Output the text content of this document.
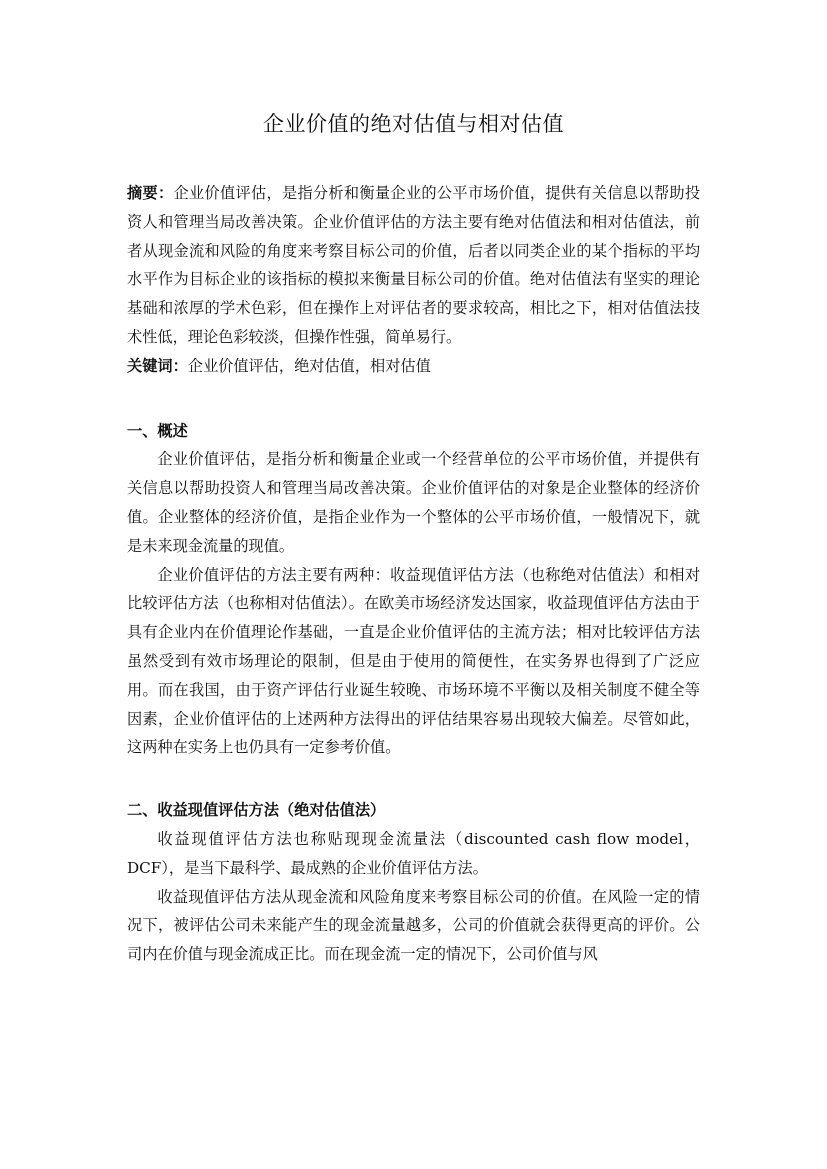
企业价值的绝对估值与相对估值

摘要：企业价值评估，是指分析和衡量企业的公平市场价值，提供有关信息以帮助投资人和管理当局改善决策。企业价值评估的方法主要有绝对估值法和相对估值法，前者从现金流和风险的角度来考察目标公司的价值，后者以同类企业的某个指标的平均水平作为目标企业的该指标的模拟来衡量目标公司的价值。绝对估值法有坚实的理论基础和浓厚的学术色彩，但在操作上对评估者的要求较高，相比之下，相对估值法技术性低，理论色彩较淡，但操作性强，简单易行。

关键词：企业价值评估，绝对估值，相对估值

一、概述

企业价值评估，是指分析和衡量企业或一个经营单位的公平市场价值，并提供有关信息以帮助投资人和管理当局改善决策。企业价值评估的对象是企业整体的经济价值。企业整体的经济价值，是指企业作为一个整体的公平市场价值，一般情况下，就是未来现金流量的现值。

企业价值评估的方法主要有两种：收益现值评估方法（也称绝对估值法）和相对比较评估方法（也称相对估值法）。在欧美市场经济发达国家，收益现值评估方法由于具有企业内在价值理论作基础，一直是企业价值评估的主流方法；相对比较评估方法虽然受到有效市场理论的限制，但是由于使用的简便性，在实务界也得到了广泛应用。而在我国，由于资产评估行业诞生较晚、市场环境不平衡以及相关制度不健全等因素，企业价值评估的上述两种方法得出的评估结果容易出现较大偏差。尽管如此，这两种在实务上也仍具有一定参考价值。

二、收益现值评估方法（绝对估值法）

收益现值评估方法也称贴现现金流量法（discounted cash flow model，DCF），是当下最科学、最成熟的企业价值评估方法。

收益现值评估方法从现金流和风险角度来考察目标公司的价值。在风险一定的情况下，被评估公司未来能产生的现金流量越多，公司的价值就会获得更高的评价。公司内在价值与现金流成正比。而在现金流一定的情况下，公司价值与风
